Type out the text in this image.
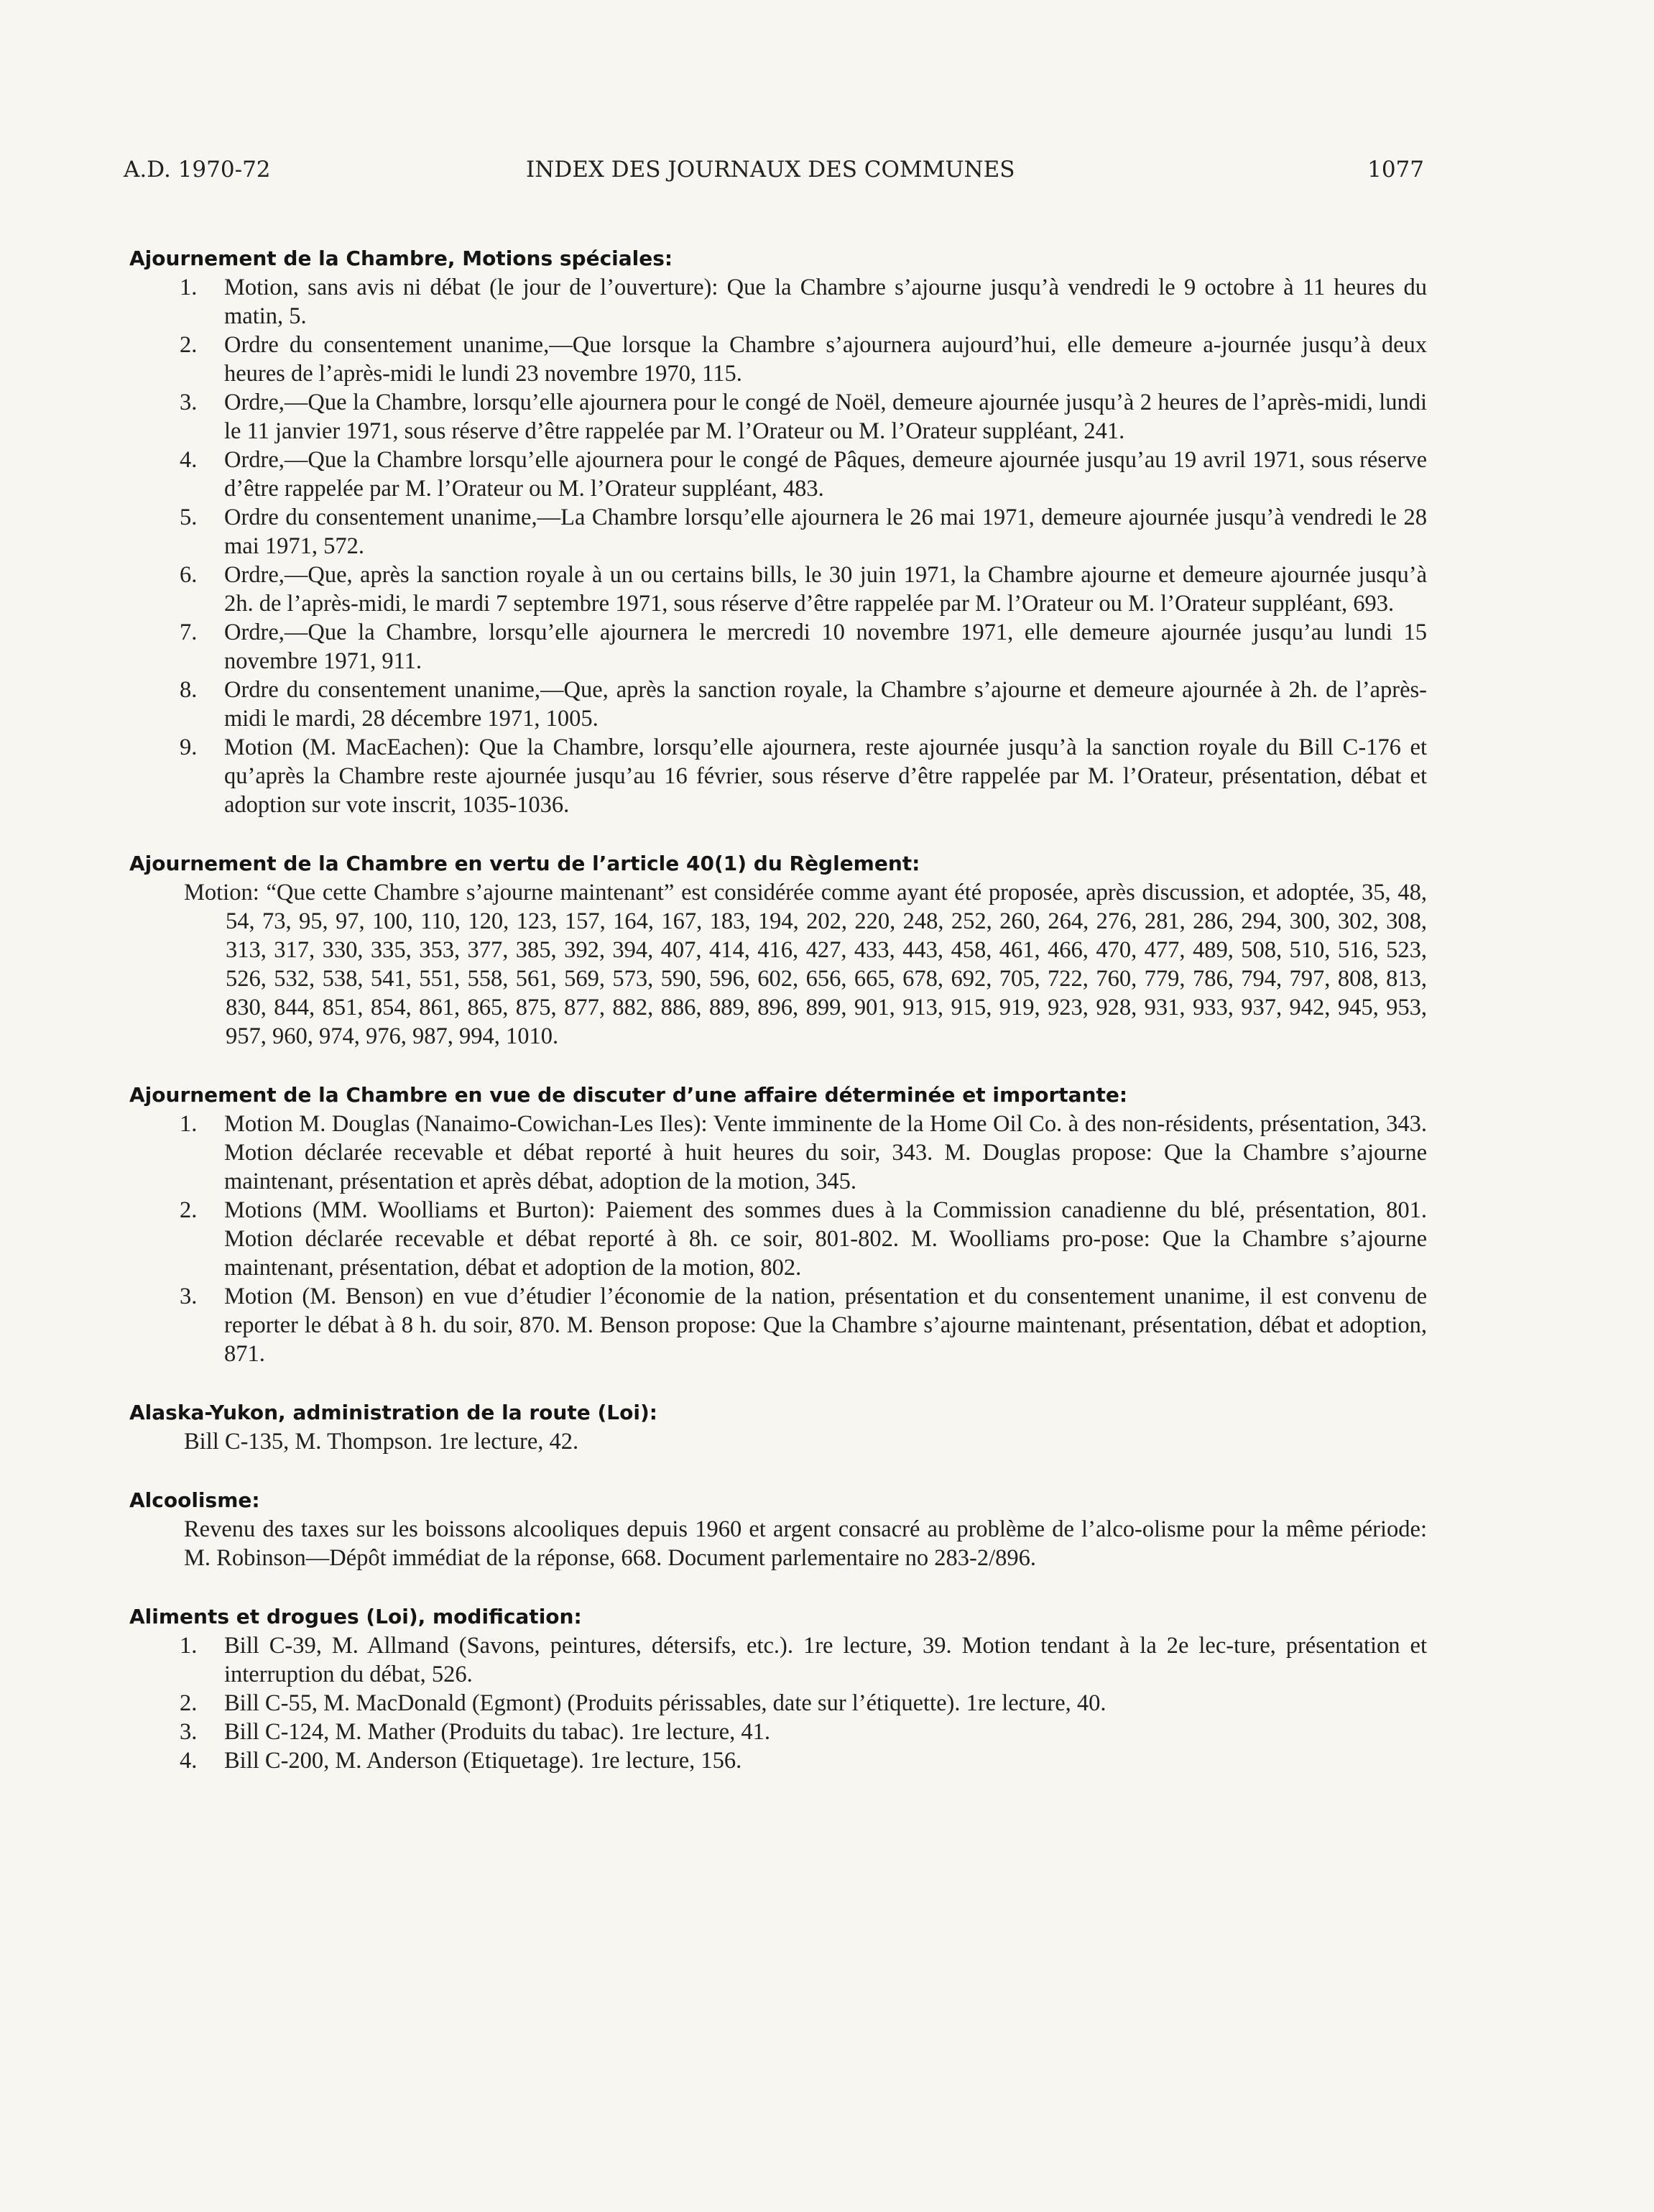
A.D. 1970-72	INDEX DES JOURNAUX DES COMMUNES	1077
Ajournement de la Chambre, Motions spéciales:
1. Motion, sans avis ni débat (le jour de l’ouverture): Que la Chambre s’ajourne jusqu’à vendredi le 9 octobre à 11 heures du matin, 5.
2. Ordre du consentement unanime,—Que lorsque la Chambre s’ajournera aujourd’hui, elle demeure a-journée jusqu’à deux heures de l’après-midi le lundi 23 novembre 1970, 115.
3. Ordre,—Que la Chambre, lorsqu’elle ajournera pour le congé de Noël, demeure ajournée jusqu’à 2 heures de l’après-midi, lundi le 11 janvier 1971, sous réserve d’être rappelée par M. l’Orateur ou M. l’Orateur suppléant, 241.
4. Ordre,—Que la Chambre lorsqu’elle ajournera pour le congé de Pâques, demeure ajournée jusqu’au 19 avril 1971, sous réserve d’être rappelée par M. l’Orateur ou M. l’Orateur suppléant, 483.
5. Ordre du consentement unanime,—La Chambre lorsqu’elle ajournera le 26 mai 1971, demeure ajournée jusqu’à vendredi le 28 mai 1971, 572.
6. Ordre,—Que, après la sanction royale à un ou certains bills, le 30 juin 1971, la Chambre ajourne et demeure ajournée jusqu’à 2h. de l’après-midi, le mardi 7 septembre 1971, sous réserve d’être rappelée par M. l’Orateur ou M. l’Orateur suppléant, 693.
7. Ordre,—Que la Chambre, lorsqu’elle ajournera le mercredi 10 novembre 1971, elle demeure ajournée jusqu’au lundi 15 novembre 1971, 911.
8. Ordre du consentement unanime,—Que, après la sanction royale, la Chambre s’ajourne et demeure ajournée à 2h. de l’après-midi le mardi, 28 décembre 1971, 1005.
9. Motion (M. MacEachen): Que la Chambre, lorsqu’elle ajournera, reste ajournée jusqu’à la sanction royale du Bill C-176 et qu’après la Chambre reste ajournée jusqu’au 16 février, sous réserve d’être rappelée par M. l’Orateur, présentation, débat et adoption sur vote inscrit, 1035-1036.
Ajournement de la Chambre en vertu de l’article 40(1) du Règlement:
Motion: “Que cette Chambre s’ajourne maintenant” est considérée comme ayant été proposée, après discussion, et adoptée, 35, 48, 54, 73, 95, 97, 100, 110, 120, 123, 157, 164, 167, 183, 194, 202, 220, 248, 252, 260, 264, 276, 281, 286, 294, 300, 302, 308, 313, 317, 330, 335, 353, 377, 385, 392, 394, 407, 414, 416, 427, 433, 443, 458, 461, 466, 470, 477, 489, 508, 510, 516, 523, 526, 532, 538, 541, 551, 558, 561, 569, 573, 590, 596, 602, 656, 665, 678, 692, 705, 722, 760, 779, 786, 794, 797, 808, 813, 830, 844, 851, 854, 861, 865, 875, 877, 882, 886, 889, 896, 899, 901, 913, 915, 919, 923, 928, 931, 933, 937, 942, 945, 953, 957, 960, 974, 976, 987, 994, 1010.
Ajournement de la Chambre en vue de discuter d’une affaire déterminée et importante:
1. Motion M. Douglas (Nanaimo-Cowichan-Les Iles): Vente imminente de la Home Oil Co. à des non-résidents, présentation, 343. Motion déclarée recevable et débat reporté à huit heures du soir, 343. M. Douglas propose: Que la Chambre s’ajourne maintenant, présentation et après débat, adoption de la motion, 345.
2. Motions (MM. Woolliams et Burton): Paiement des sommes dues à la Commission canadienne du blé, présentation, 801. Motion déclarée recevable et débat reporté à 8h. ce soir, 801-802. M. Woolliams pro-pose: Que la Chambre s’ajourne maintenant, présentation, débat et adoption de la motion, 802.
3. Motion (M. Benson) en vue d’étudier l’économie de la nation, présentation et du consentement unanime, il est convenu de reporter le débat à 8 h. du soir, 870. M. Benson propose: Que la Chambre s’ajourne maintenant, présentation, débat et adoption, 871.
Alaska-Yukon, administration de la route (Loi):
Bill C-135, M. Thompson. 1re lecture, 42.
Alcoolisme:
Revenu des taxes sur les boissons alcooliques depuis 1960 et argent consacré au problème de l’alco-olisme pour la même période: M. Robinson—Dépôt immédiat de la réponse, 668. Document parlementaire no 283-2/896.
Aliments et drogues (Loi), modification:
1. Bill C-39, M. Allmand (Savons, peintures, détersifs, etc.). 1re lecture, 39. Motion tendant à la 2e lec-ture, présentation et interruption du débat, 526.
2. Bill C-55, M. MacDonald (Egmont) (Produits périssables, date sur l’étiquette). 1re lecture, 40.
3. Bill C-124, M. Mather (Produits du tabac). 1re lecture, 41.
4. Bill C-200, M. Anderson (Etiquetage). 1re lecture, 156.
